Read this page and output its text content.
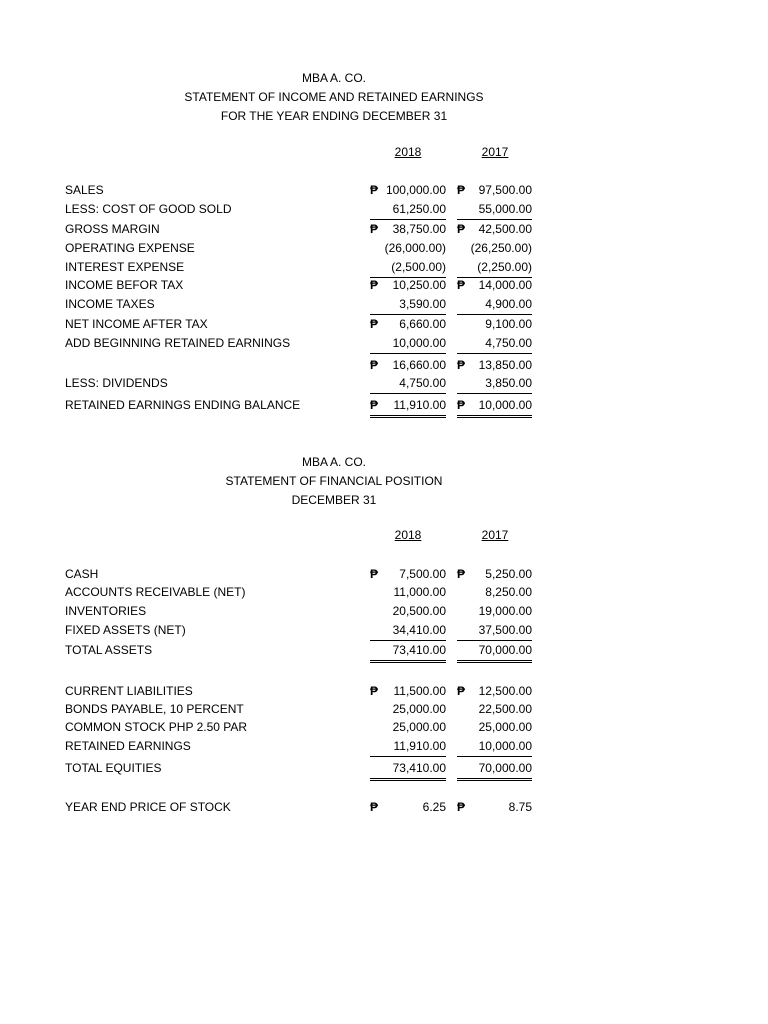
MBA A. CO.
STATEMENT OF INCOME AND RETAINED EARNINGS
FOR THE YEAR ENDING DECEMBER 31
2018	2017
SALES	₱ 100,000.00 ₱ 97,500.00
LESS: COST OF GOOD SOLD	61,250.00	55,000.00
GROSS MARGIN	₱ 38,750.00 ₱ 42,500.00
OPERATING EXPENSE	(26,000.00) (26,250.00)
INTEREST EXPENSE	(2,500.00)	(2,250.00)
INCOME BEFOR TAX	₱ 10,250.00 ₱ 14,000.00
INCOME TAXES	3,590.00	4,900.00
NET INCOME AFTER TAX	₱ 6,660.00	9,100.00
ADD BEGINNING RETAINED EARNINGS	10,000.00	4,750.00
₱ 16,660.00 ₱ 13,850.00
LESS: DIVIDENDS	4,750.00	3,850.00
RETAINED EARNINGS ENDING BALANCE	₱ 11,910.00 ₱ 10,000.00
MBA A. CO.
STATEMENT OF FINANCIAL POSITION
DECEMBER 31
2018	2017
CASH	₱ 7,500.00 ₱ 5,250.00
ACCOUNTS RECEIVABLE (NET)	11,000.00	8,250.00
INVENTORIES	20,500.00	19,000.00
FIXED ASSETS (NET)	34,410.00	37,500.00
TOTAL ASSETS	73,410.00	70,000.00
CURRENT LIABILITIES	₱ 11,500.00 ₱ 12,500.00
BONDS PAYABLE, 10 PERCENT	25,000.00	22,500.00
COMMON STOCK PHP 2.50 PAR	25,000.00	25,000.00
RETAINED EARNINGS	11,910.00	10,000.00
TOTAL EQUITIES	73,410.00	70,000.00
YEAR END PRICE OF STOCK	₱	6.25 ₱	8.75
